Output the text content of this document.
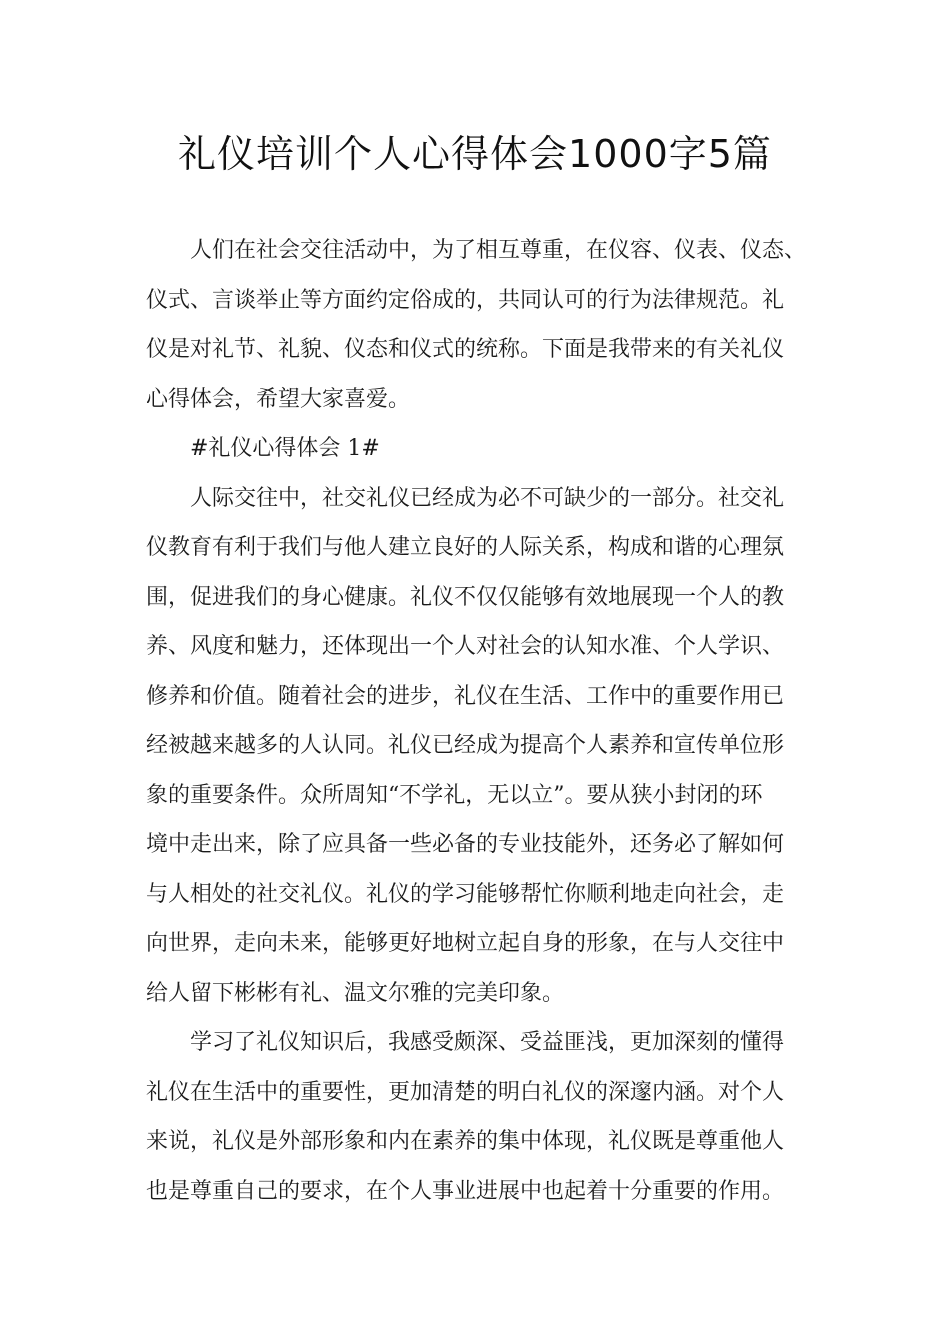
礼仪培训个人心得体会1000字5篇

人们在社会交往活动中，为了相互尊重，在仪容、仪表、仪态、
仪式、言谈举止等方面约定俗成的，共同认可的行为法律规范。礼
仪是对礼节、礼貌、仪态和仪式的统称。下面是我带来的有关礼仪
心得体会，希望大家喜爱。

#礼仪心得体会 1#

人际交往中，社交礼仪已经成为必不可缺少的一部分。社交礼
仪教育有利于我们与他人建立良好的人际关系，构成和谐的心理氛
围，促进我们的身心健康。礼仪不仅仅能够有效地展现一个人的教
养、风度和魅力，还体现出一个人对社会的认知水准、个人学识、
修养和价值。随着社会的进步，礼仪在生活、工作中的重要作用已
经被越来越多的人认同。礼仪已经成为提高个人素养和宣传单位形
象的重要条件。众所周知“不学礼，无以立”。要从狭小封闭的环
境中走出来，除了应具备一些必备的专业技能外，还务必了解如何
与人相处的社交礼仪。礼仪的学习能够帮忙你顺利地走向社会，走
向世界，走向未来，能够更好地树立起自身的形象，在与人交往中
给人留下彬彬有礼、温文尔雅的完美印象。

学习了礼仪知识后，我感受颇深、受益匪浅，更加深刻的懂得
礼仪在生活中的重要性，更加清楚的明白礼仪的深邃内涵。对个人
来说，礼仪是外部形象和内在素养的集中体现，礼仪既是尊重他人
也是尊重自己的要求，在个人事业进展中也起着十分重要的作用。
